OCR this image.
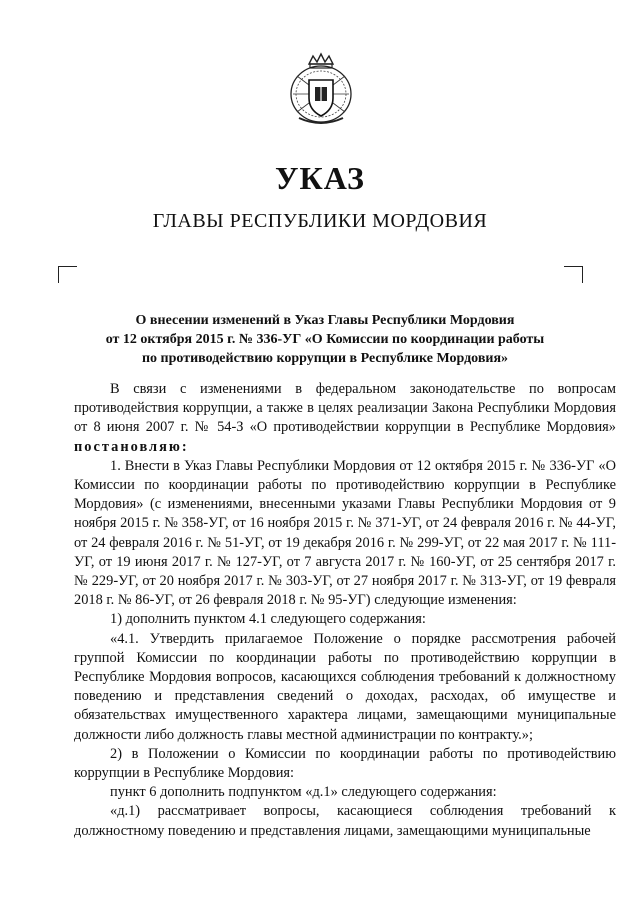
УКАЗ
ГЛАВЫ РЕСПУБЛИКИ МОРДОВИЯ
О внесении изменений в Указ Главы Республики Мордовия
от 12 октября 2015 г. № 336-УГ «О Комиссии по координации работы
по противодействию коррупции в Республике Мордовия»

В связи с изменениями в федеральном законодательстве по вопросам противодействия коррупции, а также в целях реализации Закона Республики Мордовия от 8 июня 2007 г. № 54-З «О противодействии коррупции в Республике Мордовия» постановляю:

1. Внести в Указ Главы Республики Мордовия от 12 октября 2015 г. № 336-УГ «О Комиссии по координации работы по противодействию коррупции в Республике Мордовия» (с изменениями, внесенными указами Главы Республики Мордовия от 9 ноября 2015 г. № 358-УГ, от 16 ноября 2015 г. № 371-УГ, от 24 февраля 2016 г. № 44-УГ, от 24 февраля 2016 г. № 51-УГ, от 19 декабря 2016 г. № 299-УГ, от 22 мая 2017 г. № 111-УГ, от 19 июня 2017 г. № 127-УГ, от 7 августа 2017 г. № 160-УГ, от 25 сентября 2017 г. № 229-УГ, от 20 ноября 2017 г. № 303-УГ, от 27 ноября 2017 г. № 313-УГ, от 19 февраля 2018 г. № 86-УГ, от 26 февраля 2018 г. № 95-УГ) следующие изменения:

1) дополнить пунктом 4.1 следующего содержания:

«4.1. Утвердить прилагаемое Положение о порядке рассмотрения рабочей группой Комиссии по координации работы по противодействию коррупции в Республике Мордовия вопросов, касающихся соблюдения требований к должностному поведению и представления сведений о доходах, расходах, об имуществе и обязательствах имущественного характера лицами, замещающими муниципальные должности либо должность главы местной администрации по контракту.»;

2) в Положении о Комиссии по координации работы по противодействию коррупции в Республике Мордовия:

пункт 6 дополнить подпунктом «д.1» следующего содержания:

«д.1) рассматривает вопросы, касающиеся соблюдения требований к должностному поведению и представления лицами, замещающими муниципальные
